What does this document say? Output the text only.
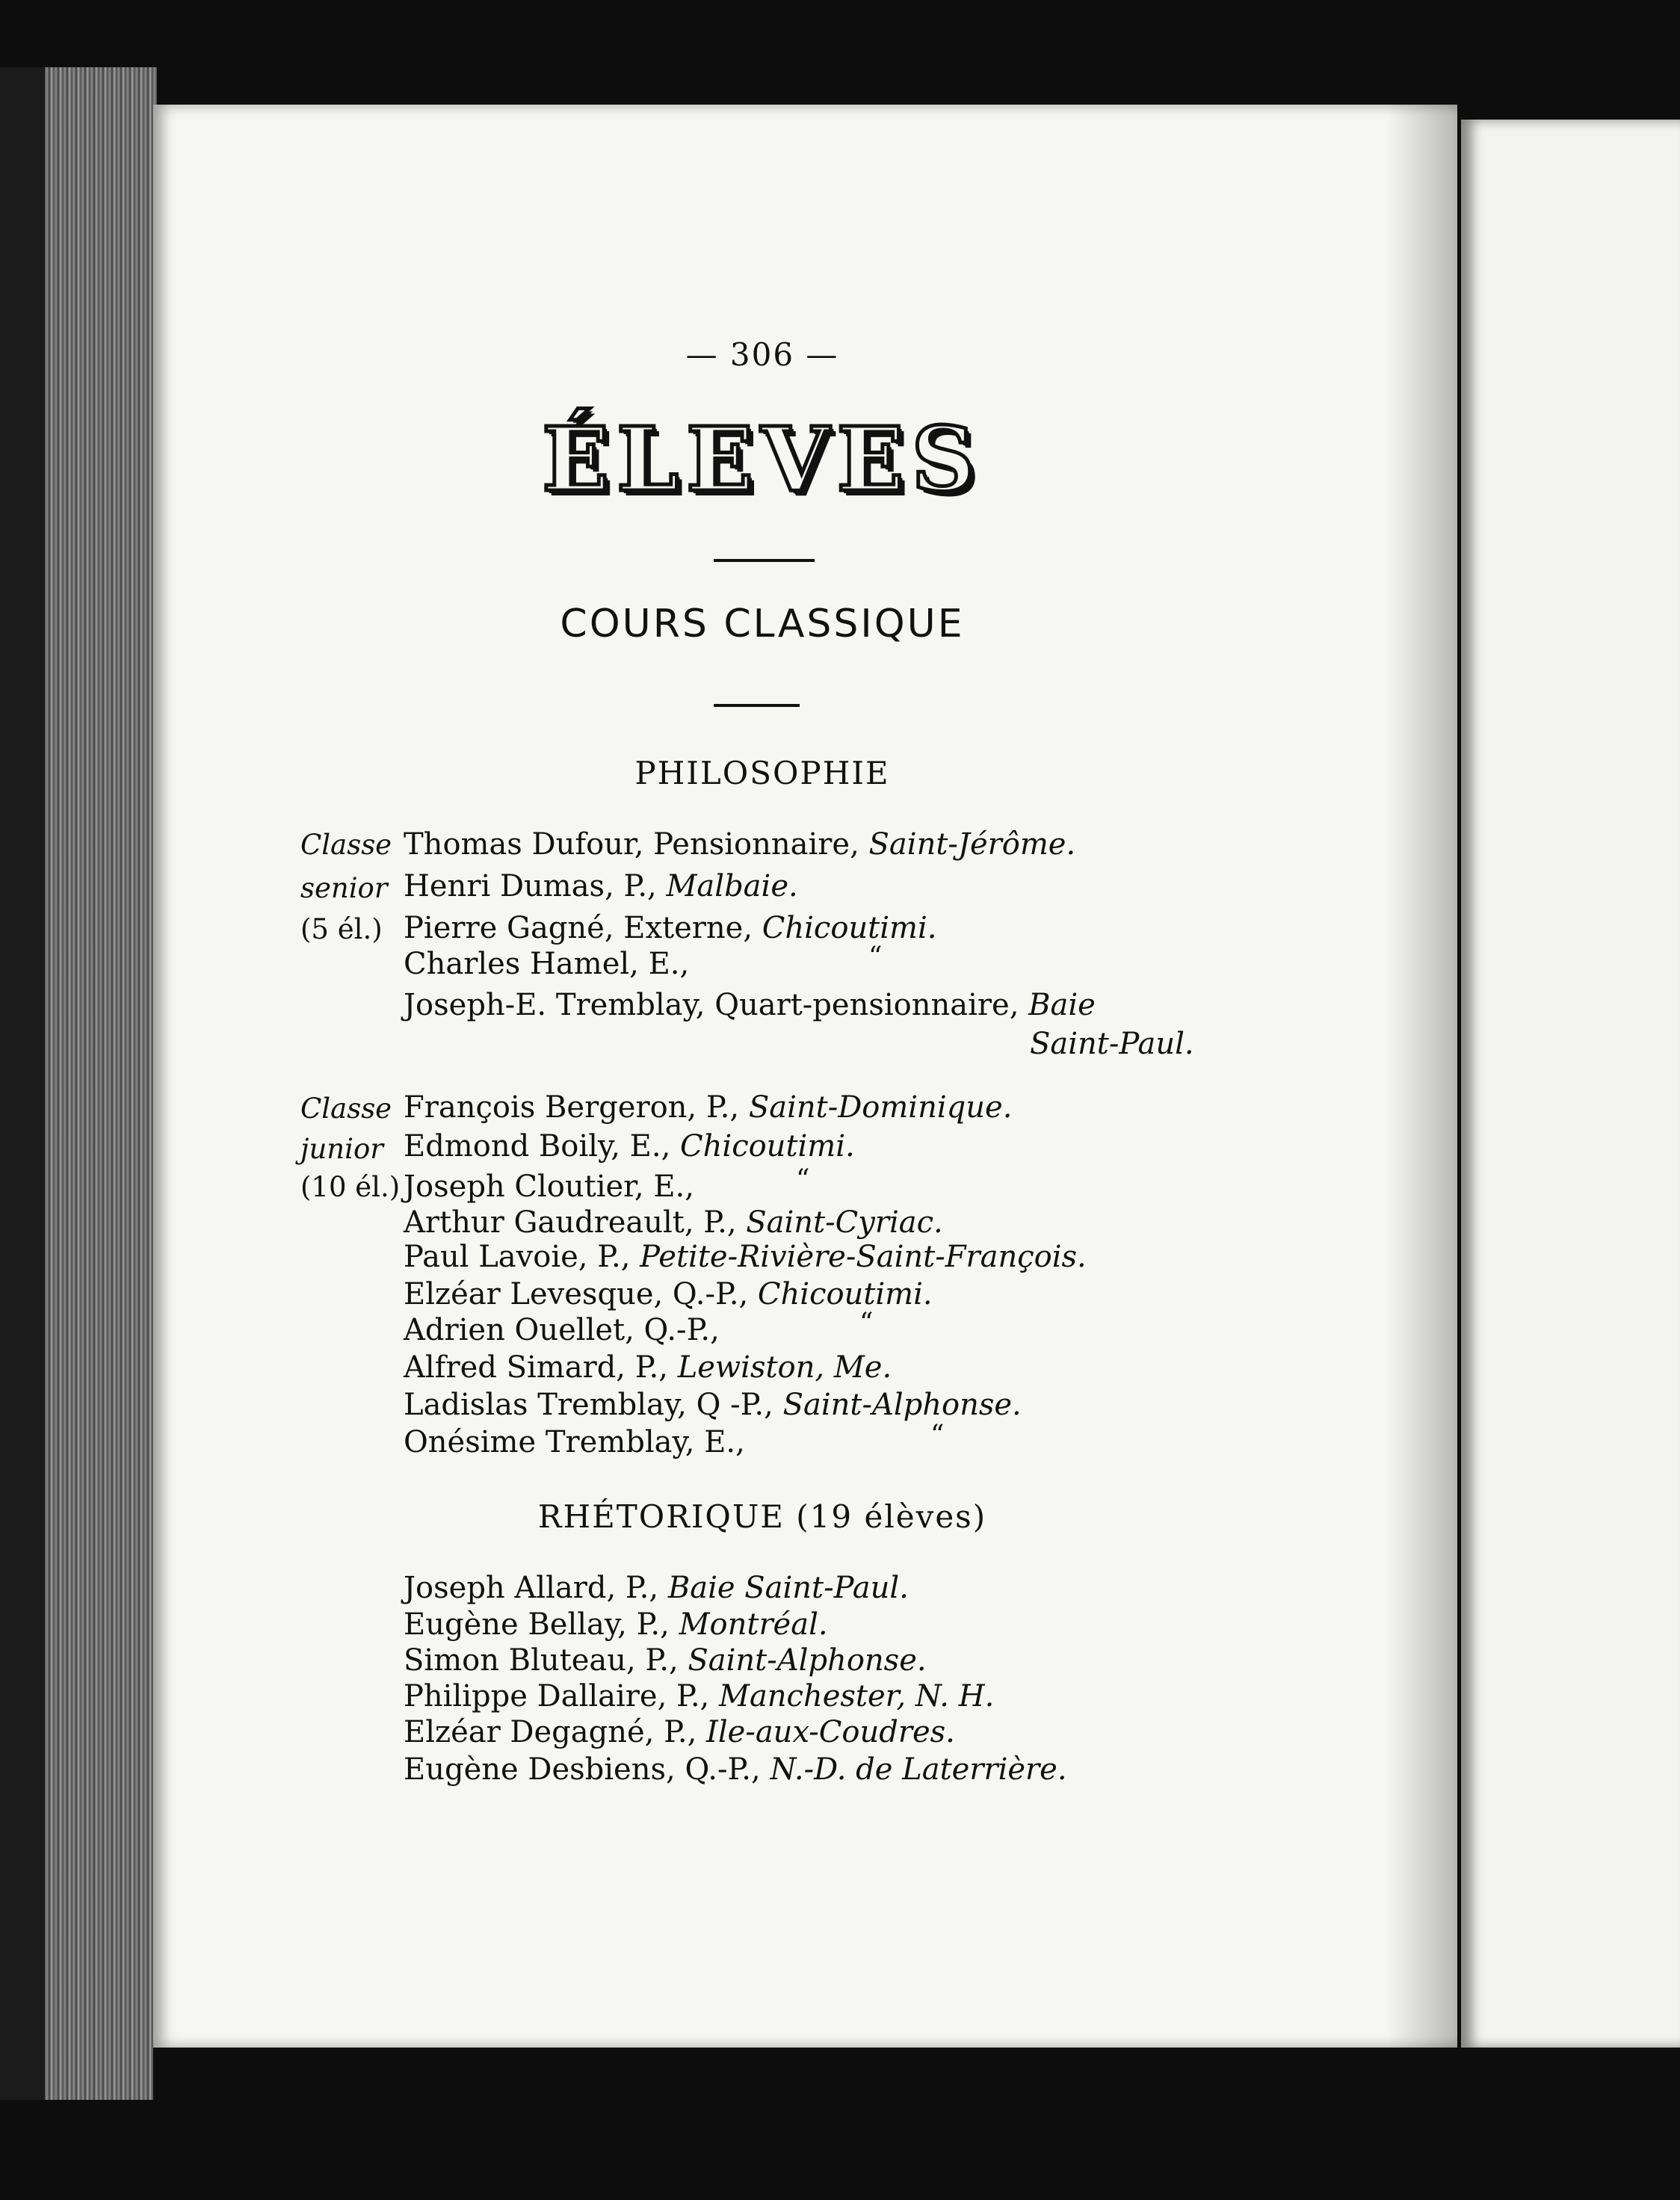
— 306 —
ÉLEVES
COURS CLASSIQUE
PHILOSOPHIE
Classe
senior
(5 él.)
Thomas Dufour, Pensionnaire, Saint-Jérôme.
Henri Dumas, P., Malbaie.
Pierre Gagné, Externe, Chicoutimi.
Charles Hamel, E.,	“
Joseph-E. Tremblay, Quart-pensionnaire, Baie
Saint-Paul.
Classe
junior
(10 él.)
François Bergeron, P., Saint-Dominique.
Edmond Boily, E., Chicoutimi.
Joseph Cloutier, E.,	“
Arthur Gaudreault, P., Saint-Cyriac.
Paul Lavoie, P., Petite-Rivière-Saint-François.
Elzéar Levesque, Q.-P., Chicoutimi.
Adrien Ouellet, Q.-P.,	“
Alfred Simard, P., Lewiston, Me.
Ladislas Tremblay, Q -P., Saint-Alphonse.
Onésime Tremblay, E.,	“
RHÉTORIQUE (19 élèves)
Joseph Allard, P., Baie Saint-Paul.
Eugène Bellay, P., Montréal.
Simon Bluteau, P., Saint-Alphonse.
Philippe Dallaire, P., Manchester, N. H.
Elzéar Degagné, P., Ile-aux-Coudres.
Eugène Desbiens, Q.-P., N.-D. de Laterrière.
